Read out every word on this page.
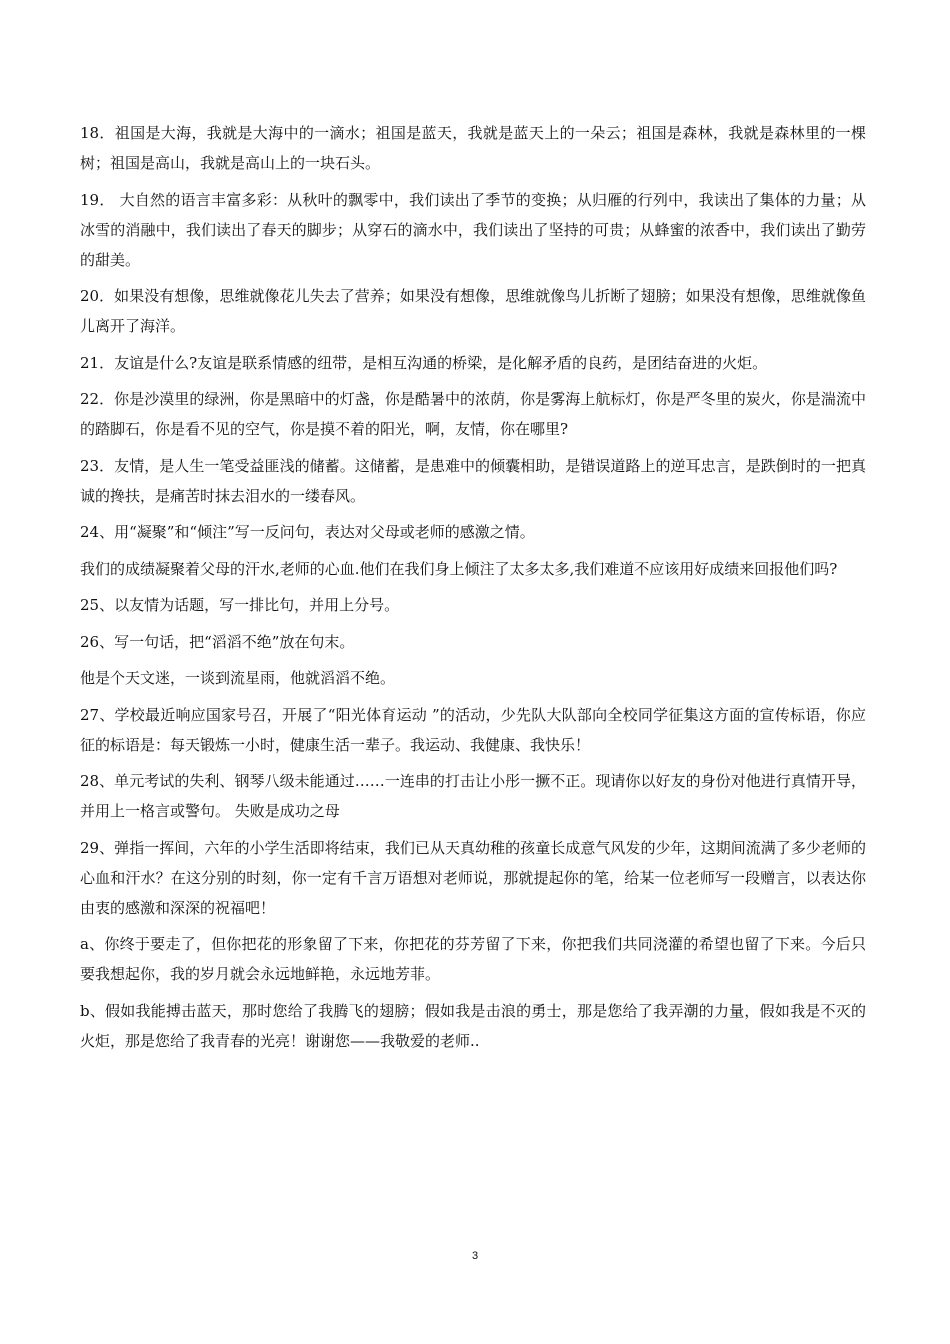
18．祖国是大海，我就是大海中的一滴水；祖国是蓝天，我就是蓝天上的一朵云；祖国是森林，我就是森林里的一棵树；祖国是高山，我就是高山上的一块石头。

19． 大自然的语言丰富多彩：从秋叶的飘零中，我们读出了季节的变换；从归雁的行列中，我读出了集体的力量；从冰雪的消融中，我们读出了春天的脚步；从穿石的滴水中，我们读出了坚持的可贵；从蜂蜜的浓香中，我们读出了勤劳的甜美。

20．如果没有想像，思维就像花儿失去了营养；如果没有想像，思维就像鸟儿折断了翅膀；如果没有想像，思维就像鱼儿离开了海洋。

21．友谊是什么?友谊是联系情感的纽带，是相互沟通的桥梁，是化解矛盾的良药，是团结奋进的火炬。

22．你是沙漠里的绿洲，你是黑暗中的灯盏，你是酷暑中的浓荫，你是雾海上航标灯，你是严冬里的炭火，你是湍流中的踏脚石，你是看不见的空气，你是摸不着的阳光，啊，友情，你在哪里?

23．友情，是人生一笔受益匪浅的储蓄。这储蓄，是患难中的倾囊相助，是错误道路上的逆耳忠言，是跌倒时的一把真诚的搀扶，是痛苦时抹去泪水的一缕春风。

24、用“凝聚”和“倾注”写一反问句，表达对父母或老师的感激之情。

我们的成绩凝聚着父母的汗水,老师的心血.他们在我们身上倾注了太多太多,我们难道不应该用好成绩来回报他们吗?

25、以友情为话题，写一排比句，并用上分号。

26、写一句话，把“滔滔不绝”放在句末。

他是个天文迷，一谈到流星雨，他就滔滔不绝。

27、学校最近响应国家号召，开展了“阳光体育运动 ”的活动，少先队大队部向全校同学征集这方面的宣传标语，你应征的标语是：每天锻炼一小时，健康生活一辈子。我运动、我健康、我快乐！

28、单元考试的失利、钢琴八级未能通过……一连串的打击让小彤一撅不正。现请你以好友的身份对他进行真情开导，并用上一格言或警句。 失败是成功之母

29、弹指一挥间，六年的小学生活即将结束，我们已从天真幼稚的孩童长成意气风发的少年，这期间流满了多少老师的心血和汗水？在这分别的时刻，你一定有千言万语想对老师说，那就提起你的笔，给某一位老师写一段赠言，以表达你由衷的感激和深深的祝福吧！

a、你终于要走了，但你把花的形象留了下来，你把花的芬芳留了下来，你把我们共同浇灌的希望也留了下来。今后只要我想起你，我的岁月就会永远地鲜艳，永远地芳菲。

b、假如我能搏击蓝天，那时您给了我腾飞的翅膀；假如我是击浪的勇士，那是您给了我弄潮的力量，假如我是不灭的火炬，那是您给了我青春的光亮！谢谢您——我敬爱的老师..

3
